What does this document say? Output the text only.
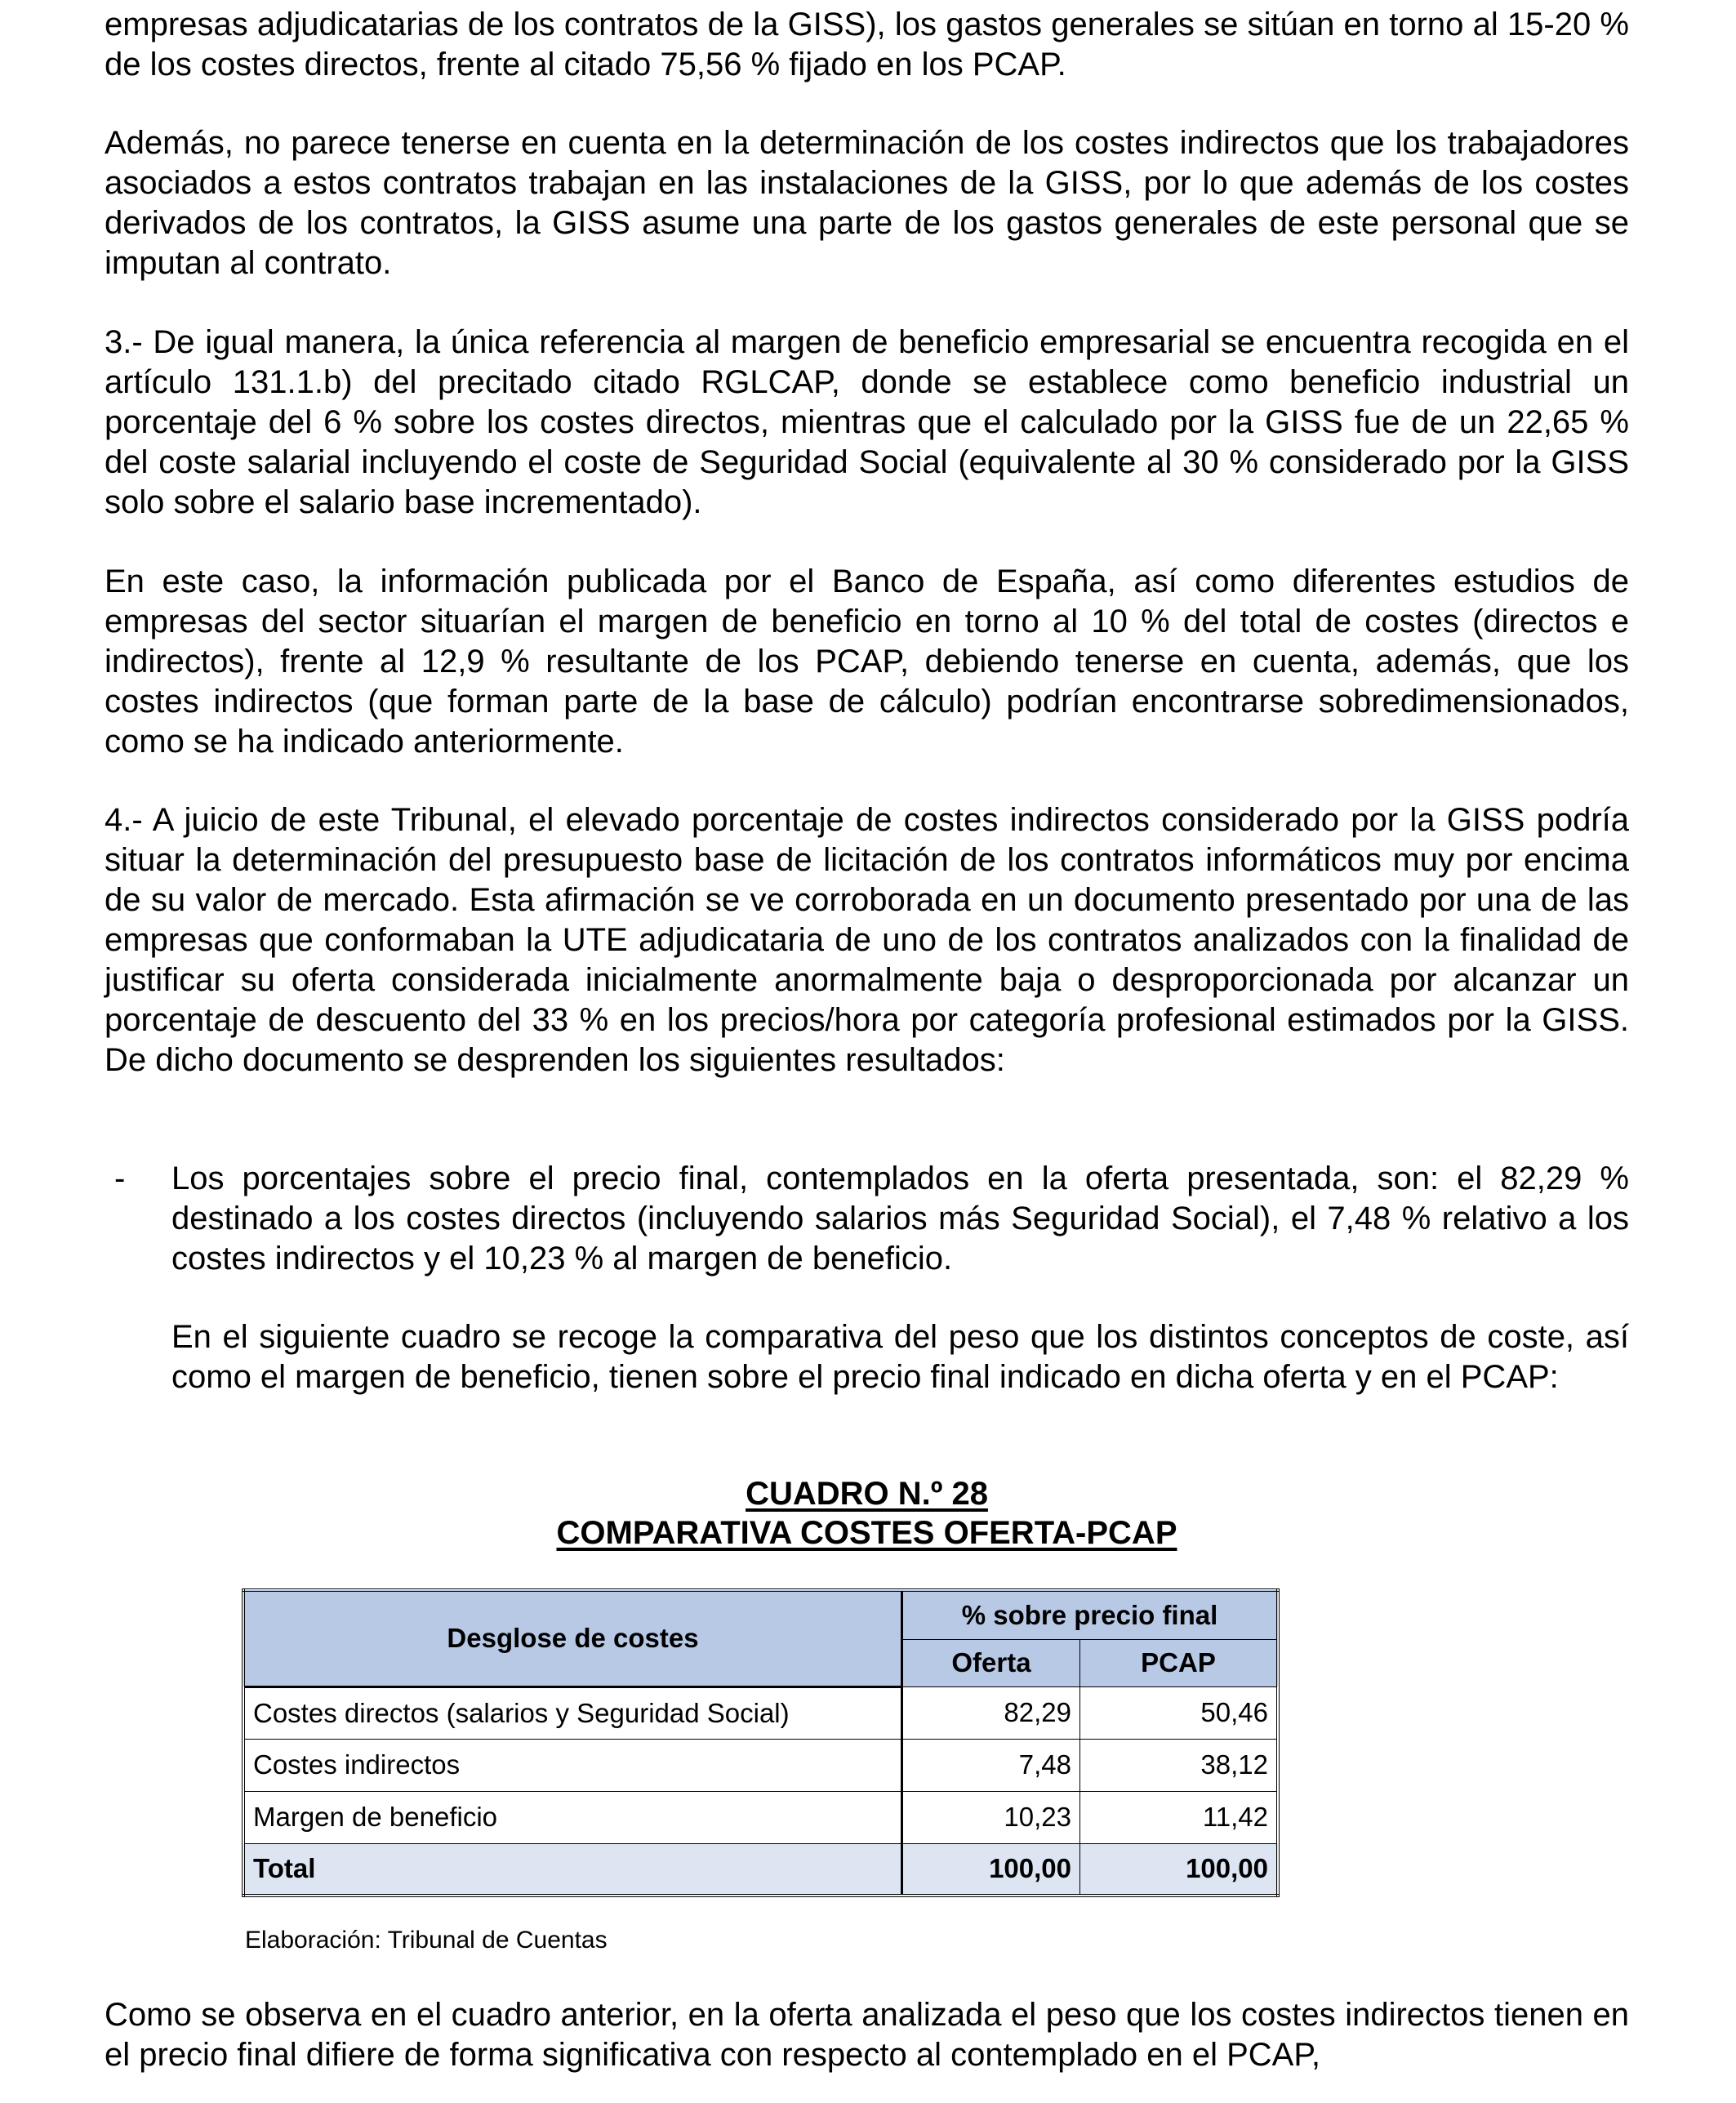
empresas adjudicatarias de los contratos de la GISS), los gastos generales se sitúan en torno al 15-20 % de los costes directos, frente al citado 75,56 % fijado en los PCAP.

Además, no parece tenerse en cuenta en la determinación de los costes indirectos que los trabajadores asociados a estos contratos trabajan en las instalaciones de la GISS, por lo que además de los costes derivados de los contratos, la GISS asume una parte de los gastos generales de este personal que se imputan al contrato.

3.- De igual manera, la única referencia al margen de beneficio empresarial se encuentra recogida en el artículo 131.1.b) del precitado citado RGLCAP, donde se establece como beneficio industrial un porcentaje del 6 % sobre los costes directos, mientras que el calculado por la GISS fue de un 22,65 % del coste salarial incluyendo el coste de Seguridad Social (equivalente al 30 % considerado por la GISS solo sobre el salario base incrementado).

En este caso, la información publicada por el Banco de España, así como diferentes estudios de empresas del sector situarían el margen de beneficio en torno al 10 % del total de costes (directos e indirectos), frente al 12,9 % resultante de los PCAP, debiendo tenerse en cuenta, además, que los costes indirectos (que forman parte de la base de cálculo) podrían encontrarse sobredimensionados, como se ha indicado anteriormente.

4.- A juicio de este Tribunal, el elevado porcentaje de costes indirectos considerado por la GISS podría situar la determinación del presupuesto base de licitación de los contratos informáticos muy por encima de su valor de mercado. Esta afirmación se ve corroborada en un documento presentado por una de las empresas que conformaban la UTE adjudicataria de uno de los contratos analizados con la finalidad de justificar su oferta considerada inicialmente anormalmente baja o desproporcionada por alcanzar un porcentaje de descuento del 33 % en los precios/hora por categoría profesional estimados por la GISS. De dicho documento se desprenden los siguientes resultados:

- Los porcentajes sobre el precio final, contemplados en la oferta presentada, son: el 82,29 % destinado a los costes directos (incluyendo salarios más Seguridad Social), el 7,48 % relativo a los costes indirectos y el 10,23 % al margen de beneficio.

En el siguiente cuadro se recoge la comparativa del peso que los distintos conceptos de coste, así como el margen de beneficio, tienen sobre el precio final indicado en dicha oferta y en el PCAP:

CUADRO N.º 28
COMPARATIVA COSTES OFERTA-PCAP

Como se observa en el cuadro anterior, en la oferta analizada el peso que los costes indirectos tienen en el precio final difiere de forma significativa con respecto al contemplado en el PCAP,

Desglose de costes	% sobre precio final	
	Oferta	PCAP
Costes directos (salarios y Seguridad Social)	82,29	50,46
Costes indirectos	7,48	38,12
Margen de beneficio	10,23	11,42
Total	100,00	100,00
Elaboración: Tribunal de Cuentas
